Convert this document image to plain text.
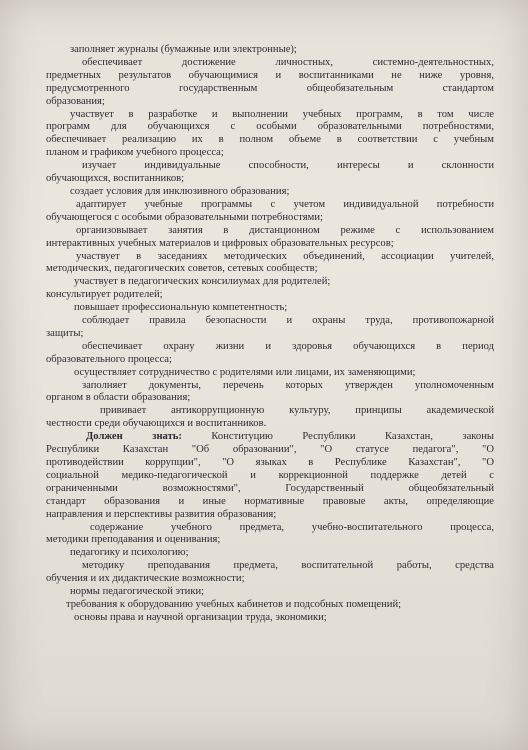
заполняет журналы (бумажные или электронные);
обеспечивает достижение личностных, системно-деятельностных,
предметных результатов обучающимися и воспитанниками не ниже уровня,
предусмотренного государственным общеобязательным стандартом
образования;
участвует в разработке и выполнении учебных программ, в том числе
программ для обучающихся с особыми образовательными потребностями,
обеспечивает реализацию их в полном объеме в соответствии с учебным
планом и графиком учебного процесса;
изучает индивидуальные способности, интересы и склонности
обучающихся, воспитанников;
создает условия для инклюзивного образования;
адаптирует учебные программы с учетом индивидуальной потребности
обучающегося с особыми образовательными потребностями;
организовывает занятия в дистанционном режиме с использованием
интерактивных учебных материалов и цифровых образовательных ресурсов;
участвует в заседаниях методических объединений, ассоциации учителей,
методических, педагогических советов, сетевых сообществ;
участвует в педагогических консилиумах для родителей;
консультирует родителей;
повышает профессиональную компетентность;
соблюдает правила безопасности и охраны труда, противопожарной
защиты;
обеспечивает охрану жизни и здоровья обучающихся в период
образовательного процесса;
осуществляет сотрудничество с родителями или лицами, их заменяющими;
заполняет документы, перечень которых утвержден уполномоченным
органом в области образования;
прививает антикоррупционную культуру, принципы академической
честности среди обучающихся и воспитанников.
Должен знать: Конституцию Республики Казахстан, законы
Республики Казахстан "Об образовании", "О статусе педагога", "О
противодействии коррупции", "О языках в Республике Казахстан", "О
социальной медико-педагогической и коррекционной поддержке детей с
ограниченными возможностями", Государственный общеобязательный
стандарт образования и иные нормативные правовые акты, определяющие
направления и перспективы развития образования;
содержание учебного предмета, учебно-воспитательного процесса,
методики преподавания и оценивания;
педагогику и психологию;
методику преподавания предмета, воспитательной работы, средства
обучения и их дидактические возможности;
нормы педагогической этики;
требования к оборудованию учебных кабинетов и подсобных помещений;
основы права и научной организации труда, экономики;
